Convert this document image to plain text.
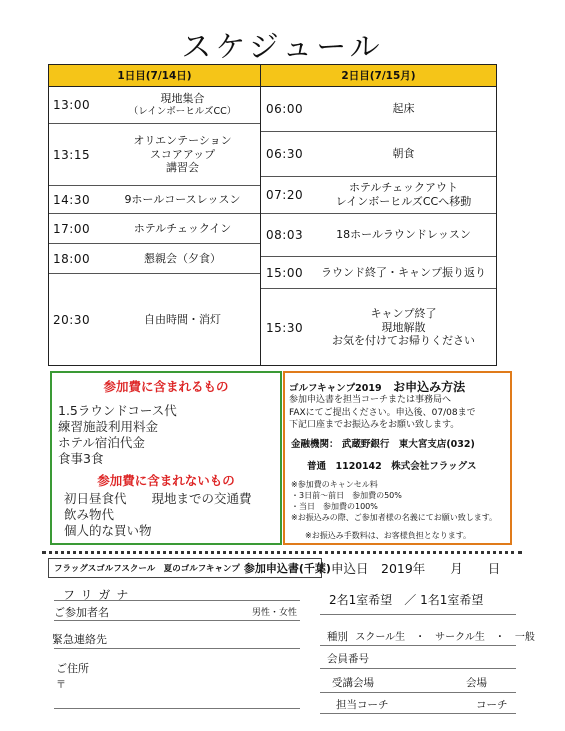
スケジュール
1日目(7/14日)	2日目(7/15月)
13:00	現地集合
（レインボーヒルズCC）
13:15
オリエンテーション
スコアアップ
講習会
14:30	9ホールコースレッスン
17:00	ホテルチェックイン
18:00	懇親会（夕食）
20:30	自由時間・消灯
06:00	起床
06:30	朝食
07:20
ホテルチェックアウト
レインボーヒルズCCへ移動
08:03	18ホールラウンドレッスン
15:00	ラウンド終了・キャンプ振り返り
15:30
キャンプ終了
現地解散
お気を付けてお帰りください
参加費に含まれるもの
1.5ラウンドコース代
練習施設利用料金
ホテル宿泊代金
食事3食
参加費に含まれないもの
初日昼食代　　現地までの交通費
飲み物代
個人的な買い物
ゴルフキャンプ2019 お申込み方法
参加申込書を担当コーチまたは事務局へ
FAXにてご提出ください。申込後、07/08まで
下記口座までお振込みをお願い致します。
金融機関： 武蔵野銀行　東大宮支店(032)
普通　1120142　株式会社フラッグス
※参加費のキャンセル料
・3日前～前日　参加費の50%
・当日　参加費の100%
※お振込みの際、ご参加者様の名義にてお願い致します。
※お振込み手数料は、お客様負担となります。
フラッグスゴルフスクール　夏のゴルフキャンプ 参加申込書(千葉) 申込日　2019年　　月　　日
フリガナ
ご参加者名	男性・女性
緊急連絡先
ご住所
〒
2名1室希望　／ 1名1室希望
種別 スクール生　・　サークル生　・　一般
会員番号
受講会場	会場
担当コーチ	コーチ
